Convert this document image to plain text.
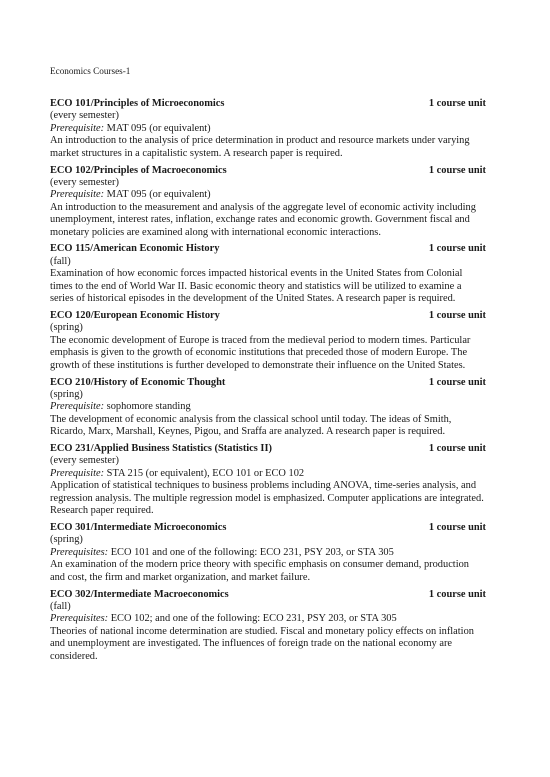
Economics Courses-1
ECO 101/Principles of Microeconomics	1 course unit
(every semester)
Prerequisite: MAT 095 (or equivalent)
An introduction to the analysis of price determination in product and resource markets under varying market structures in a capitalistic system. A research paper is required.
ECO 102/Principles of Macroeconomics	1 course unit
(every semester)
Prerequisite: MAT 095 (or equivalent)
An introduction to the measurement and analysis of the aggregate level of economic activity including unemployment, interest rates, inflation, exchange rates and economic growth. Government fiscal and monetary policies are examined along with international economic interactions.
ECO 115/American Economic History	1 course unit
(fall)
Examination of how economic forces impacted historical events in the United States from Colonial times to the end of World War II. Basic economic theory and statistics will be utilized to examine a series of historical episodes in the development of the United States. A research paper is required.
ECO 120/European Economic History	1 course unit
(spring)
The economic development of Europe is traced from the medieval period to modern times. Particular emphasis is given to the growth of economic institutions that preceded those of modern Europe. The growth of these institutions is further developed to demonstrate their influence on the United States.
ECO 210/History of Economic Thought	1 course unit
(spring)
Prerequisite: sophomore standing
The development of economic analysis from the classical school until today. The ideas of Smith, Ricardo, Marx, Marshall, Keynes, Pigou, and Sraffa are analyzed. A research paper is required.
ECO 231/Applied Business Statistics (Statistics II)	1 course unit
(every semester)
Prerequisite: STA 215 (or equivalent), ECO 101 or ECO 102
Application of statistical techniques to business problems including ANOVA, time-series analysis, and regression analysis. The multiple regression model is emphasized. Computer applications are integrated. Research paper required.
ECO 301/Intermediate Microeconomics	1 course unit
(spring)
Prerequisites: ECO 101 and one of the following: ECO 231, PSY 203, or STA 305
An examination of the modern price theory with specific emphasis on consumer demand, production and cost, the firm and market organization, and market failure.
ECO 302/Intermediate Macroeconomics	1 course unit
(fall)
Prerequisites: ECO 102; and one of the following: ECO 231, PSY 203, or STA 305
Theories of national income determination are studied. Fiscal and monetary policy effects on inflation and unemployment are investigated. The influences of foreign trade on the national economy are considered.
